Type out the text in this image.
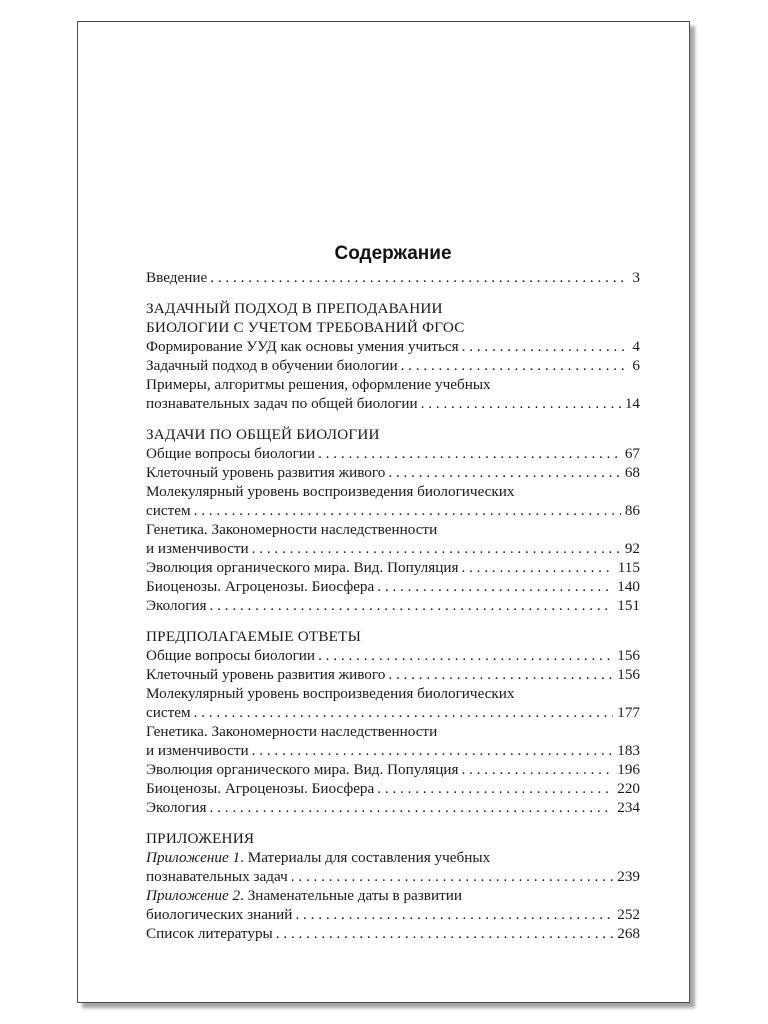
Содержание
Введение . . .	3
ЗАДАЧНЫЙ ПОДХОД В ПРЕПОДАВАНИИ
БИОЛОГИИ С УЧЕТОМ ТРЕБОВАНИЙ ФГОС
Формирование УУД как основы умения учиться . . .	4
Задачный подход в обучении биологии . . .	6
Примеры, алгоритмы решения, оформление учебных
познавательных задач по общей биологии . . .	14
ЗАДАЧИ ПО ОБЩЕЙ БИОЛОГИИ
Общие вопросы биологии . . .	67
Клеточный уровень развития живого . . .	68
Молекулярный уровень воспроизведения биологических
систем . . .	86
Генетика. Закономерности наследственности
и изменчивости . . .	92
Эволюция органического мира. Вид. Популяция . . .	115
Биоценозы. Агроценозы. Биосфера . . .	140
Экология . . .	151
ПРЕДПОЛАГАЕМЫЕ ОТВЕТЫ
Общие вопросы биологии . . .	156
Клеточный уровень развития живого . . .	156
Молекулярный уровень воспроизведения биологических
систем . . .	177
Генетика. Закономерности наследственности
и изменчивости . . .	183
Эволюция органического мира. Вид. Популяция . . .	196
Биоценозы. Агроценозы. Биосфера . . .	220
Экология . . .	234
ПРИЛОЖЕНИЯ
Приложение 1. Материалы для составления учебных
познавательных задач . . .	239
Приложение 2. Знаменательные даты в развитии
биологических знаний . . .	252
Список литературы . . .	268
